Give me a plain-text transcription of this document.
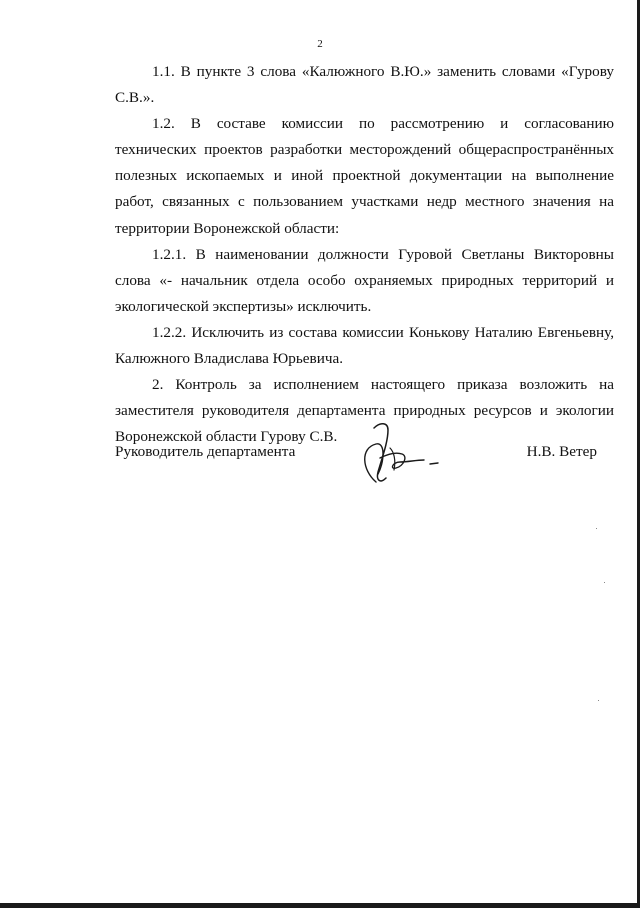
2

1.1. В пункте 3 слова «Калюжного В.Ю.» заменить словами «Гурову С.В.».

1.2. В составе комиссии по рассмотрению и согласованию технических проектов разработки месторождений общераспространённых полезных ископаемых и иной проектной документации на выполнение работ, связанных с пользованием участками недр местного значения на территории Воронежской области:

1.2.1. В наименовании должности Гуровой Светланы Викторовны слова «- начальник отдела особо охраняемых природных территорий и экологической экспертизы» исключить.

1.2.2. Исключить из состава комиссии Конькову Наталию Евгеньевну, Калюжного Владислава Юрьевича.

2. Контроль за исполнением настоящего приказа возложить на заместителя руководителя департамента природных ресурсов и экологии Воронежской области Гурову С.В.

Руководитель департамента	Н.В. Ветер
